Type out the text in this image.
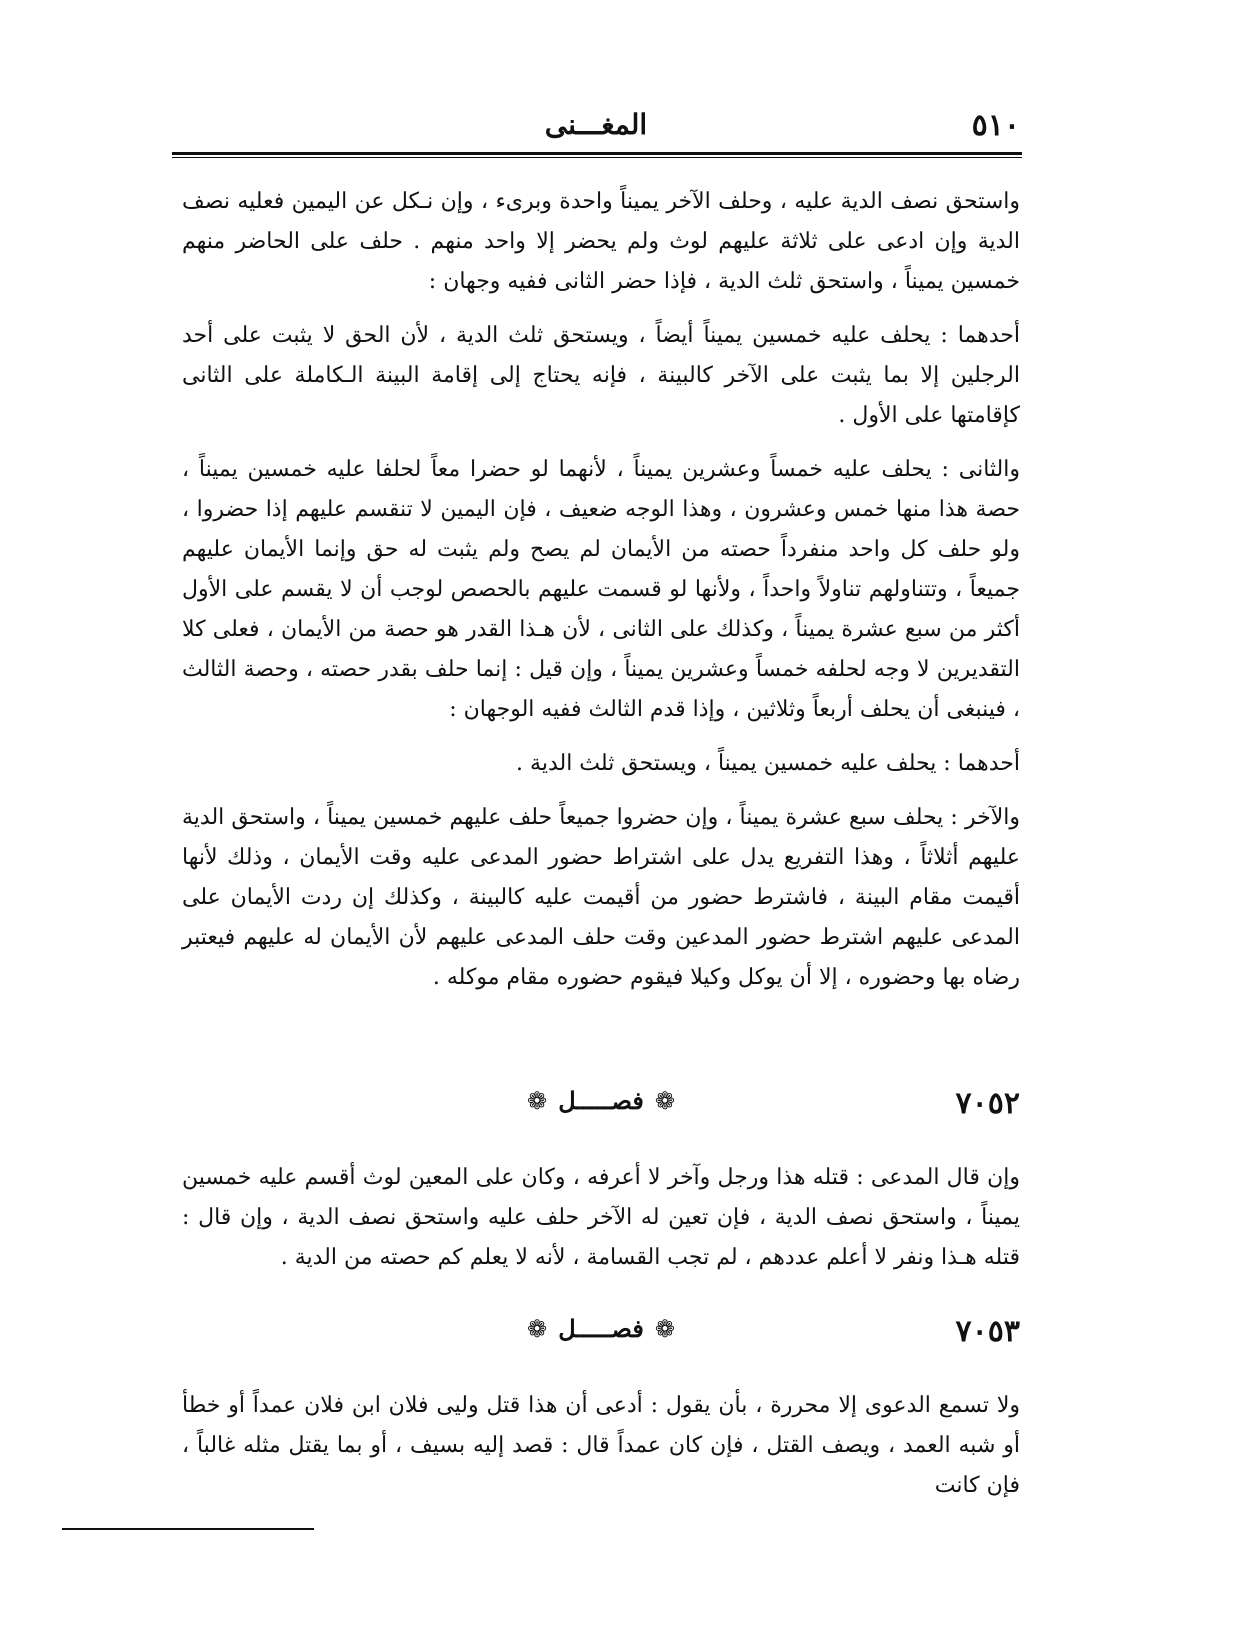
٥١٠
المغـــنى

واستحق نصف الدية عليه ، وحلف الآخر يميناً واحدة وبرىء ، وإن نـكل عن اليمين فعليه نصف الدية وإن ادعى على ثلاثة عليهم لوث ولم يحضر إلا واحد منهم . حلف على الحاضر منهم خمسين يميناً ، واستحق ثلث الدية ، فإذا حضر الثانى ففيه وجهان :

أحدهما : يحلف عليه خمسين يميناً أيضاً ، ويستحق ثلث الدية ، لأن الحق لا يثبت على أحد الرجلين إلا بما يثبت على الآخر كالبينة ، فإنه يحتاج إلى إقامة البينة الـكاملة على الثانى كإقامتها على الأول .

والثانى : يحلف عليه خمساً وعشرين يميناً ، لأنهما لو حضرا معاً لحلفا عليه خمسين يميناً ، حصة هذا منها خمس وعشرون ، وهذا الوجه ضعيف ، فإن اليمين لا تنقسم عليهم إذا حضروا ، ولو حلف كل واحد منفرداً حصته من الأيمان لم يصح ولم يثبت له حق وإنما الأيمان عليهم جميعاً ، وتتناولهم تناولاً واحداً ، ولأنها لو قسمت عليهم بالحصص لوجب أن لا يقسم على الأول أكثر من سبع عشرة يميناً ، وكذلك على الثانى ، لأن هـذا القدر هو حصة من الأيمان ، فعلى كلا التقديرين لا وجه لحلفه خمساً وعشرين يميناً ، وإن قيل : إنما حلف بقدر حصته ، وحصة الثالث ، فينبغى أن يحلف أربعاً وثلاثين ، وإذا قدم الثالث ففيه الوجهان :

أحدهما : يحلف عليه خمسين يميناً ، ويستحق ثلث الدية .

والآخر : يحلف سبع عشرة يميناً ، وإن حضروا جميعاً حلف عليهم خمسين يميناً ، واستحق الدية عليهم أثلاثاً ، وهذا التفريع يدل على اشتراط حضور المدعى عليه وقت الأيمان ، وذلك لأنها أقيمت مقام البينة ، فاشترط حضور من أقيمت عليه كالبينة ، وكذلك إن ردت الأيمان على المدعى عليهم اشترط حضور المدعين وقت حلف المدعى عليهم لأن الأيمان له عليهم فيعتبر رضاه بها وحضوره ، إلا أن يوكل وكيلا فيقوم حضوره مقام موكله .

٧٠٥٢
❁ فصـــــل ❁

وإن قال المدعى : قتله هذا ورجل وآخر لا أعرفه ، وكان على المعين لوث أقسم عليه خمسين يميناً ، واستحق نصف الدية ، فإن تعين له الآخر حلف عليه واستحق نصف الدية ، وإن قال : قتله هـذا ونفر لا أعلم عددهم ، لم تجب القسامة ، لأنه لا يعلم كم حصته من الدية .

٧٠٥٣
❁ فصـــــل ❁

ولا تسمع الدعوى إلا محررة ، بأن يقول : أدعى أن هذا قتل وليى فلان ابن فلان عمداً أو خطأ أو شبه العمد ، ويصف القتل ، فإن كان عمداً قال : قصد إليه بسيف ، أو بما يقتل مثله غالباً ، فإن كانت
